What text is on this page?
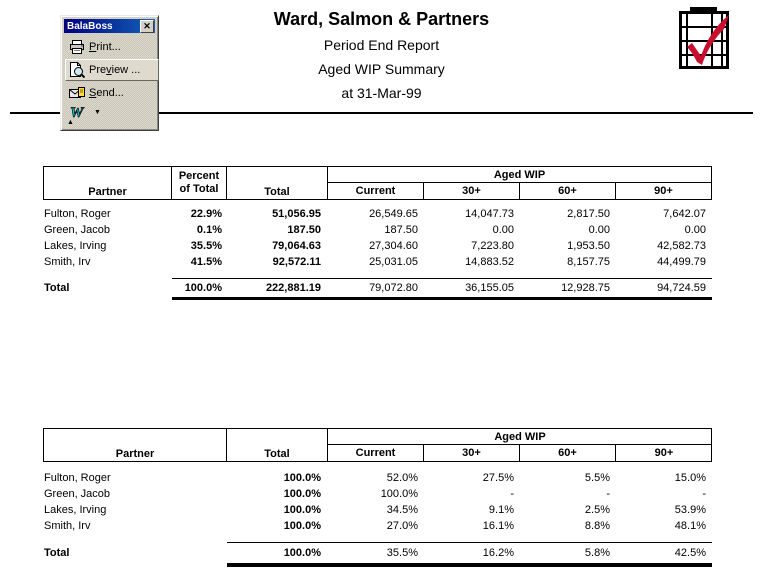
Ward, Salmon & Partners
Period End Report
Aged WIP Summary
at 31-Mar-99
BalaBoss	✕
Print...
Preview ...
Send...
W ▼
▲
Partner
Percent
of Total	Total
Aged WIP
Current	30+	60+	90+
Fulton, Roger	22.9%	51,056.95	26,549.65	14,047.73	2,817.50	7,642.07
Green, Jacob	0.1%	187.50	187.50	0.00	0.00	0.00
Lakes, Irving	35.5%	79,064.63	27,304.60	7,223.80	1,953.50	42,582.73
Smith, Irv	41.5%	92,572.11	25,031.05	14,883.52	8,157.75	44,499.79
Total	100.0%	222,881.19	79,072.80	36,155.05	12,928.75	94,724.59
Partner	Total
Aged WIP
Current	30+	60+	90+
Fulton, Roger	100.0%	52.0%	27.5%	5.5%	15.0%
Green, Jacob	100.0%	100.0%	-	-	-
Lakes, Irving	100.0%	34.5%	9.1%	2.5%	53.9%
Smith, Irv	100.0%	27.0%	16.1%	8.8%	48.1%
Total	100.0%	35.5%	16.2%	5.8%	42.5%
